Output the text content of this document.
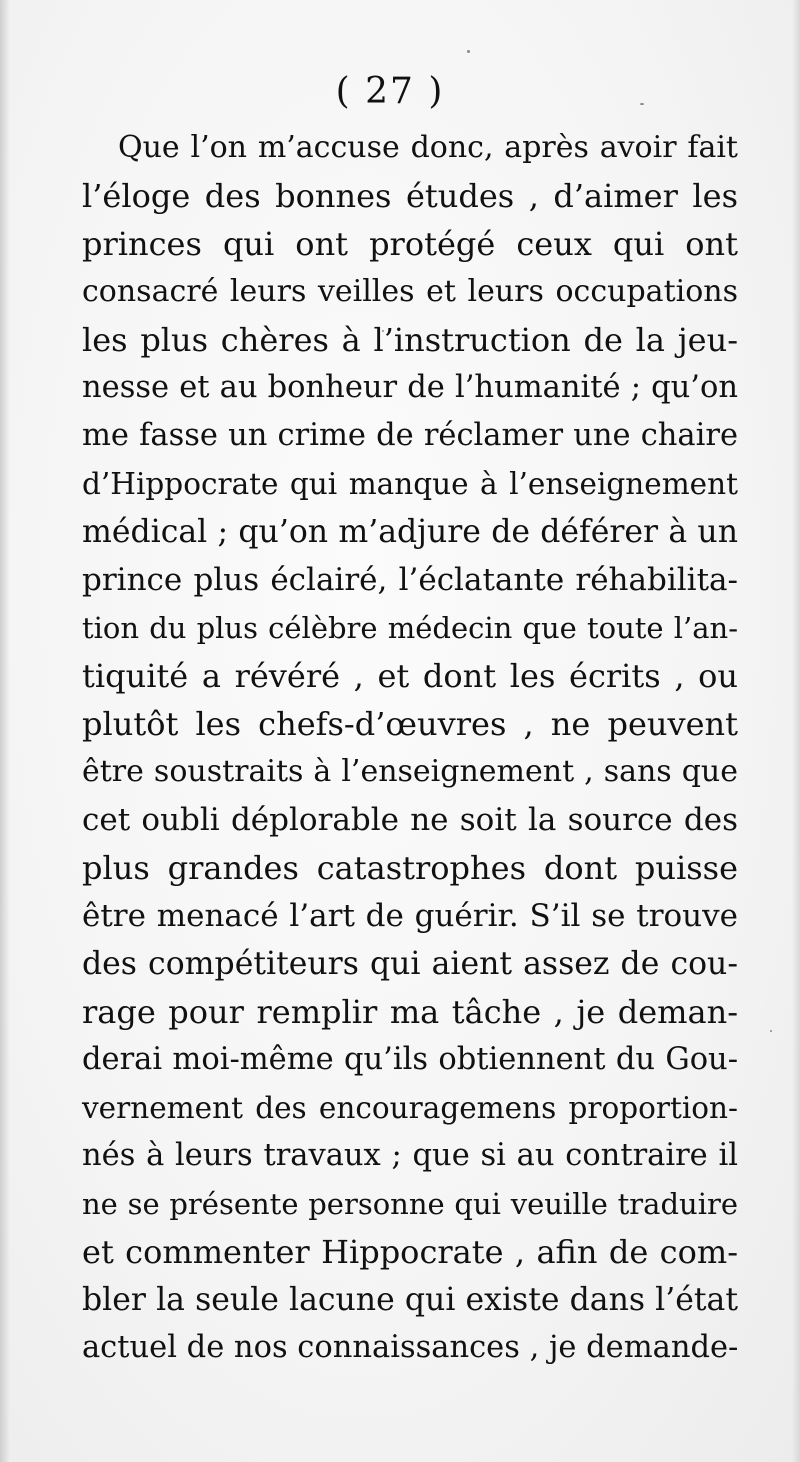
( 27 )
Que l’on m’accuse donc, après avoir fait
l’éloge des bonnes études , d’aimer les
princes qui ont protégé ceux qui ont
consacré leurs veilles et leurs occupations
les plus chères à l’instruction de la jeu-
nesse et au bonheur de l’humanité ; qu’on
me fasse un crime de réclamer une chaire
d’Hippocrate qui manque à l’enseignement
médical ; qu’on m’adjure de déférer à un
prince plus éclairé, l’éclatante réhabilita-
tion du plus célèbre médecin que toute l’an-
tiquité a révéré , et dont les écrits , ou
plutôt les chefs-d’œuvres , ne peuvent
être soustraits à l’enseignement , sans que
cet oubli déplorable ne soit la source des
plus grandes catastrophes dont puisse
être menacé l’art de guérir. S’il se trouve
des compétiteurs qui aient assez de cou-
rage pour remplir ma tâche , je deman-
derai moi-même qu’ils obtiennent du Gou-
vernement des encouragemens proportion-
nés à leurs travaux ; que si au contraire il
ne se présente personne qui veuille traduire
et commenter Hippocrate , afin de com-
bler la seule lacune qui existe dans l’état
actuel de nos connaissances , je demande-
